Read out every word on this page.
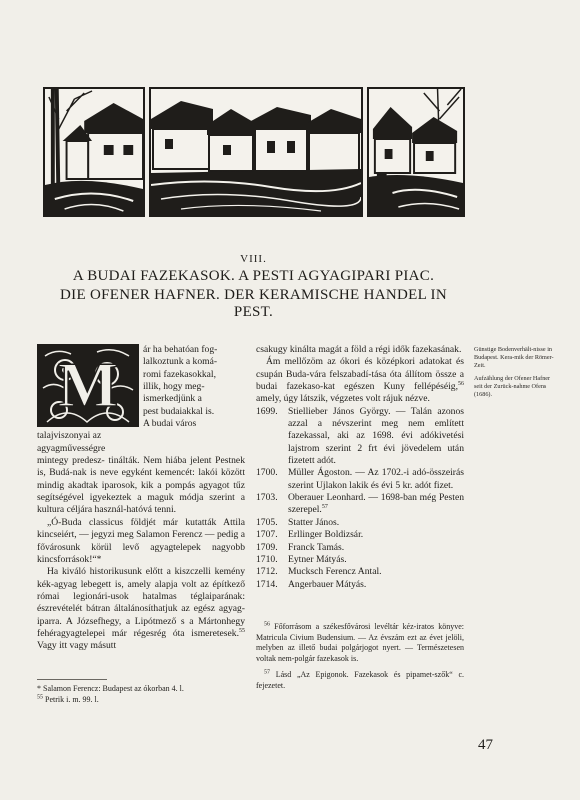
VIII.
A BUDAI FAZEKASOK. A PESTI AGYAGIPARI PIAC.
DIE OFENER HAFNER. DER KERAMISCHE HANDEL IN PEST.
M	ár ha behatóan fog-
lalkoztunk a komá-
romi fazekasokkal,
illik, hogy meg-
ismerkedjünk a
pest budaiakkal is.
A budai város
talajviszonyai az
agyagművességre
mintegy predesz- tinálták. Nem hiába jelent Pestnek is, Budá-nak is neve egyként kemencét: lakói között mindig akadtak iparosok, kik a pompás agyagot tűz segítségével igyekeztek a maguk módja szerint a kultura céljára használ-hatóvá tenni.

„Ó-Buda classicus földjét már kutatták Attila kincseiért, — jegyzi meg Salamon Ferencz — pedig a fővárosunk körül levő agyagtelepek nagyobb kincsforrások!“*

Ha kiváló historikusunk előtt a kiszczelli kemény kék-agyag lebegett is, amely alapja volt az építkező római legionári-usok hatalmas téglaiparának: észrevételét bátran általánosíthatjuk az egész agyag-iparra. A Józsefhegy, a Lipótmező s a Mártonhegy fehéragyagtelepei már régesrég óta ismeretesek.$^{55}$ Vagy itt vagy másutt

* Salamon Ferencz: Budapest az ókorban 4. l.
$^{55}$ Petrik i. m. 99. l.

csakugy kinálta magát a föld a régi idők fazekasának.

Ám mellőzöm az ókori és középkori adatokat és csupán Buda-vára felszabadí-tása óta állítom össze a budai fazekaso-kat egészen Kuny fellépéséig,$^{56}$ amely, úgy látszik, végzetes volt rájuk nézve.

1699.	Stiellieber János György. — Talán azonos azzal a névszerint meg nem említett fazekassal, aki az 1698. évi adókivetési lajstrom szerint 2 frt évi jövedelem után fizetett adót.
1700.	Müller Ágoston. — Az 1702.-i adó-összeirás szerint Ujlakon lakik és évi 5 kr. adót fizet.
1703.	Oberauer Leonhard. — 1698-ban még Pesten szerepel.$^{57}$
1705.	Statter János.
1707.	Erllinger Boldizsár.
1709.	Franck Tamás.
1710.	Eytner Mátyás.
1712.	Mucksch Ferencz Antal.
1714.	Angerbauer Mátyás.

$^{56}$ Főforrásom a székesfővárosi levéltár kéz-iratos könyve: Matricula Civium Budensium. — Az évszám ezt az évet jelöli, melyben az illető budai polgárjogot nyert. — Természetesen voltak nem-polgár fazekasok is.

$^{57}$ Lásd „Az Epigonok. Fazekasok és pipamet-szők“ c. fejezetet.

Günstige Bodenverhält-nisse in Budapest. Kera-mik der Römer-Zeit.
Aufzählung der Ofener Hafner seit der Zurück-nahme Ofens (1686).
47
